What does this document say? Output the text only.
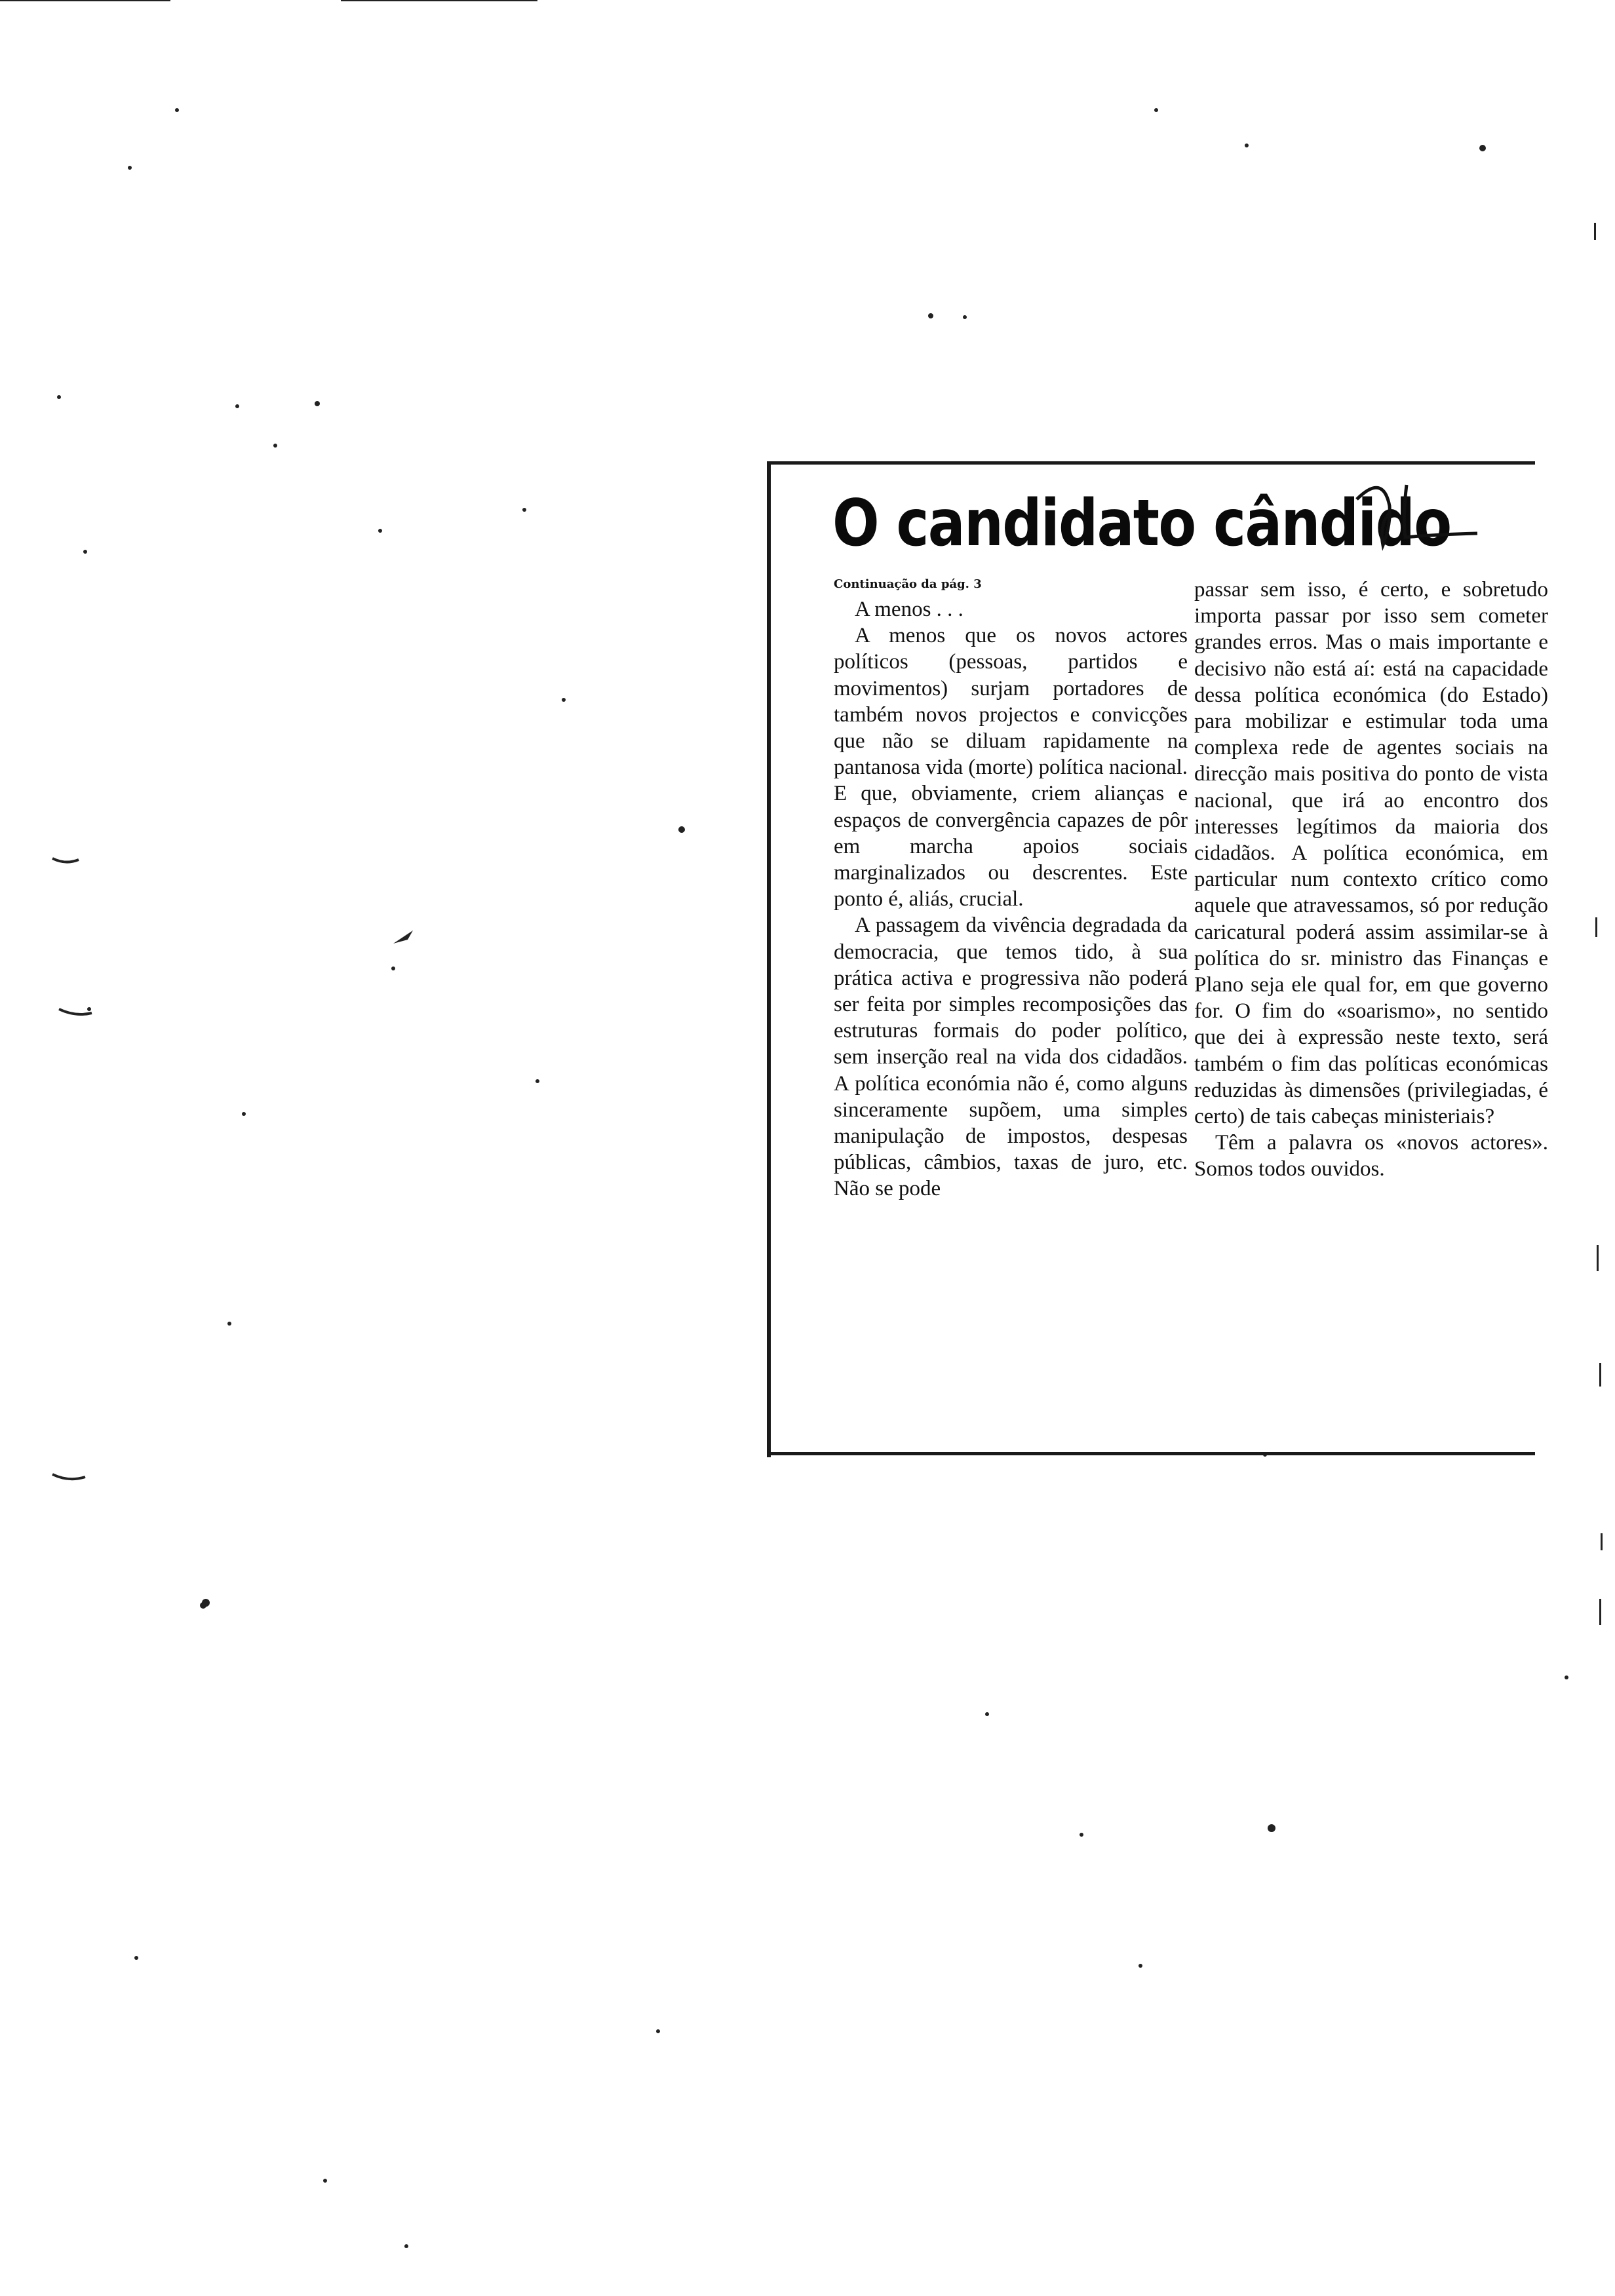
O candidato cândido
Continuação da pág. 3

A menos . . .

A menos que os novos actores políticos (pessoas, partidos e movimentos) surjam portadores de também novos projectos e convicções que não se diluam rapidamente na pantanosa vida (morte) política nacional. E que, obviamente, criem alianças e espaços de convergência capazes de pôr em marcha apoios sociais marginalizados ou descrentes. Este ponto é, aliás, crucial.

A passagem da vivência degradada da democracia, que temos tido, à sua prática activa e progressiva não poderá ser feita por simples recomposições das estruturas formais do poder político, sem inserção real na vida dos cidadãos. A política económia não é, como alguns sinceramente supõem, uma simples manipulação de impostos, despesas públicas, câmbios, taxas de juro, etc. Não se pode

passar sem isso, é certo, e sobretudo importa passar por isso sem cometer grandes erros. Mas o mais importante e decisivo não está aí: está na capacidade dessa política económica (do Estado) para mobilizar e estimular toda uma complexa rede de agentes sociais na direcção mais positiva do ponto de vista nacional, que irá ao encontro dos interesses legítimos da maioria dos cidadãos. A política económica, em particular num contexto crítico como aquele que atravessamos, só por redução caricatural poderá assim assimilar-se à política do sr. ministro das Finanças e Plano seja ele qual for, em que governo for. O fim do «soarismo», no sentido que dei à expressão neste texto, será também o fim das políticas económicas reduzidas às dimensões (privilegiadas, é certo) de tais cabeças ministeriais?

Têm a palavra os «novos actores». Somos todos ouvidos.
